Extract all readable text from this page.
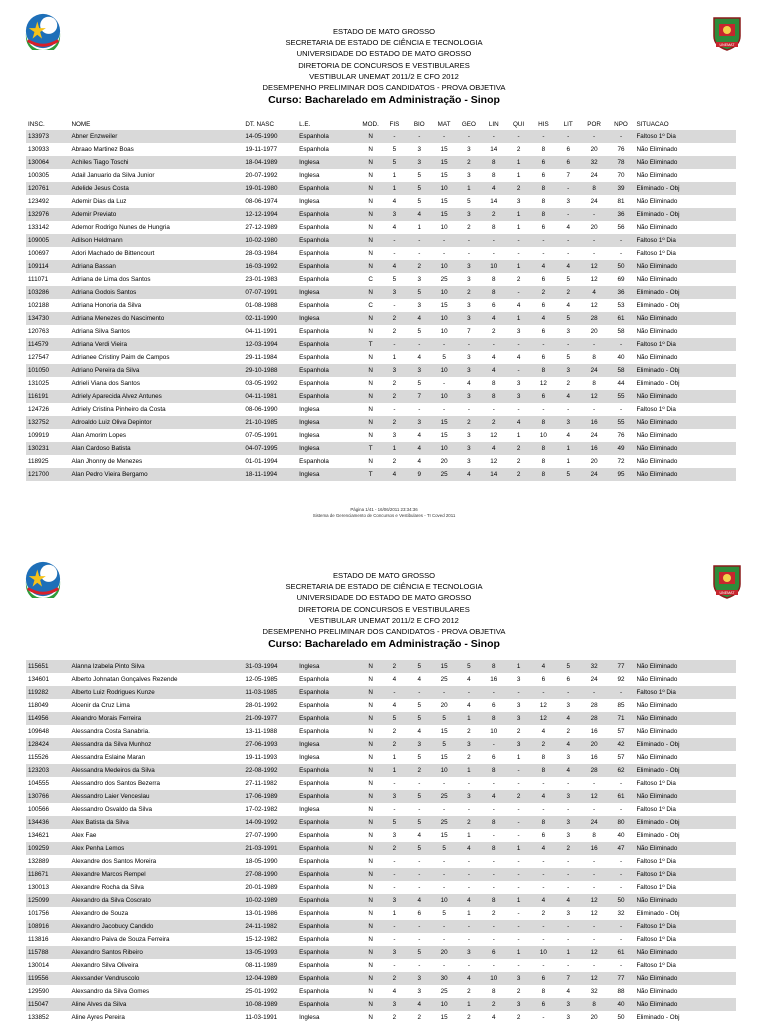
UNEMAT
ESTADO DE MATO GROSSO
SECRETARIA DE ESTADO DE CIÊNCIA E TECNOLOGIA
UNIVERSIDADE DO ESTADO DE MATO GROSSO
DIRETORIA DE CONCURSOS E VESTIBULARES
VESTIBULAR UNEMAT 2011/2 E CFO 2012
DESEMPENHO PRELIMINAR DOS CANDIDATOS - PROVA OBJETIVA
Curso: Bacharelado em Administração - Sinop
INSC.	NOME	DT. NASC	L.E.	MOD.	FIS	BIO	MAT	GEO	LIN	QUI	HIS	LIT	POR	NPO	SITUACAO
133973	Abner Enzweiler	14-05-1990	Espanhola	N	-	-	-	-	-	-	-	-	-	-	Faltoso 1º Dia
130933	Abraao Martinez Boas	19-11-1977	Espanhola	N	5	3	15	3	14	2	8	6	20	76	Não Eliminado
130064	Achiles Tiago Toschi	18-04-1989	Inglesa	N	5	3	15	2	8	1	6	6	32	78	Não Eliminado
100305	Adail Januario da Silva Junior	20-07-1992	Inglesa	N	1	5	15	3	8	1	6	7	24	70	Não Eliminado
120761	Adelide Jesus Costa	19-01-1980	Espanhola	N	1	5	10	1	4	2	8	-	8	39	Eliminado - Obj
123492	Ademir Dias da Luz	08-06-1974	Inglesa	N	4	5	15	5	14	3	8	3	24	81	Não Eliminado
132976	Ademir Previato	12-12-1994	Espanhola	N	3	4	15	3	2	1	8	-	-	36	Eliminado - Obj
133142	Ademor Rodrigo Nunes de Hungria	27-12-1989	Espanhola	N	4	1	10	2	8	1	6	4	20	56	Não Eliminado
109005	Adilson Heldmann	10-02-1980	Espanhola	N	-	-	-	-	-	-	-	-	-	-	Faltoso 1º Dia
100697	Adori Machado de Bittencourt	28-03-1984	Espanhola	N	-	-	-	-	-	-	-	-	-	-	Faltoso 1º Dia
109114	Adriana Bassan	16-03-1992	Espanhola	N	4	2	10	3	10	1	4	4	12	50	Não Eliminado
111071	Adriana de Lima dos Santos	23-01-1983	Espanhola	C	5	3	25	3	8	2	6	5	12	69	Não Eliminado
103286	Adriana Godois Santos	07-07-1991	Inglesa	N	3	5	10	2	8	-	2	2	4	36	Eliminado - Obj
102188	Adriana Honoria da Silva	01-08-1988	Espanhola	C	-	3	15	3	6	4	6	4	12	53	Eliminado - Obj
134730	Adriana Menezes do Nascimento	02-11-1990	Inglesa	N	2	4	10	3	4	1	4	5	28	61	Não Eliminado
120763	Adriana Silva Santos	04-11-1991	Espanhola	N	2	5	10	7	2	3	6	3	20	58	Não Eliminado
114579	Adriana Verdi Vieira	12-03-1994	Espanhola	T	-	-	-	-	-	-	-	-	-	-	Faltoso 1º Dia
127547	Adrianee Cristiny Paim de Campos	29-11-1984	Espanhola	N	1	4	5	3	4	4	6	5	8	40	Não Eliminado
101050	Adriano Pereira da Silva	29-10-1988	Espanhola	N	3	3	10	3	4	-	8	3	24	58	Eliminado - Obj
131025	Adrieli Viana dos Santos	03-05-1992	Espanhola	N	2	5	-	4	8	3	12	2	8	44	Eliminado - Obj
116191	Adriely Aparecida Alvez Antunes	04-11-1981	Espanhola	N	2	7	10	3	8	3	6	4	12	55	Não Eliminado
124726	Adriely Cristina Pinheiro da Costa	08-06-1990	Inglesa	N	-	-	-	-	-	-	-	-	-	-	Faltoso 1º Dia
132752	Adroaldo Luiz Oliva Depintor	21-10-1985	Inglesa	N	2	3	15	2	2	4	8	3	16	55	Não Eliminado
109919	Alan Amorim Lopes	07-05-1991	Inglesa	N	3	4	15	3	12	1	10	4	24	76	Não Eliminado
130231	Alan Cardoso Batista	04-07-1995	Inglesa	T	1	4	10	3	4	2	8	1	16	49	Não Eliminado
118925	Alan Jhonny de Menezes	01-01-1994	Espanhola	N	2	4	20	3	12	2	8	1	20	72	Não Eliminado
121700	Alan Pedro Vieira Bergamo	18-11-1994	Inglesa	T	4	9	25	4	14	2	8	5	24	95	Não Eliminado
Página 1/41 - 16/06/2011 23:34:36
Sistema de Gerenciamento de Concursos e Vestibulares - TI Coved 2011
UNEMAT
ESTADO DE MATO GROSSO
SECRETARIA DE ESTADO DE CIÊNCIA E TECNOLOGIA
UNIVERSIDADE DO ESTADO DE MATO GROSSO
DIRETORIA DE CONCURSOS E VESTIBULARES
VESTIBULAR UNEMAT 2011/2 E CFO 2012
DESEMPENHO PRELIMINAR DOS CANDIDATOS - PROVA OBJETIVA
Curso: Bacharelado em Administração - Sinop
115651	Alanna Izabela Pinto Silva	31-03-1994	Inglesa	N	2	5	15	5	8	1	4	5	32	77	Não Eliminado
134601	Alberto Johnatan Gonçalves Rezende	12-05-1985	Espanhola	N	4	4	25	4	16	3	6	6	24	92	Não Eliminado
119282	Alberto Luiz Rodrigues Kunze	11-03-1985	Espanhola	N	-	-	-	-	-	-	-	-	-	-	Faltoso 1º Dia
118049	Alcenir da Cruz Lima	28-01-1992	Espanhola	N	4	5	20	4	6	3	12	3	28	85	Não Eliminado
114956	Aleandro Morais Ferreira	21-09-1977	Espanhola	N	5	5	5	1	8	3	12	4	28	71	Não Eliminado
109648	Alessandra Costa Sanabria.	13-11-1988	Espanhola	N	2	4	15	2	10	2	4	2	16	57	Não Eliminado
128424	Alessandra da Silva Munhoz	27-06-1993	Inglesa	N	2	3	5	3	-	3	2	4	20	42	Eliminado - Obj
115526	Alessandra Eslaine Maran	19-11-1993	Inglesa	N	1	5	15	2	6	1	8	3	16	57	Não Eliminado
123203	Alessandra Medeiros da Silva	22-08-1992	Espanhola	N	1	2	10	1	8	-	8	4	28	62	Eliminado - Obj
104555	Alessandro dos Santos Bezerra	27-11-1982	Espanhola	N	-	-	-	-	-	-	-	-	-	-	Faltoso 1º Dia
130766	Alessandro Laier Venceslau	17-06-1989	Espanhola	N	3	5	25	3	4	2	4	3	12	61	Não Eliminado
100566	Alessandro Osvaldo da Silva	17-02-1982	Inglesa	N	-	-	-	-	-	-	-	-	-	-	Faltoso 1º Dia
134436	Alex Batista da Silva	14-09-1992	Espanhola	N	5	5	25	2	8	-	8	3	24	80	Eliminado - Obj
134621	Alex Fae	27-07-1990	Espanhola	N	3	4	15	1	-	-	6	3	8	40	Eliminado - Obj
109259	Alex Penha Lemos	21-03-1991	Espanhola	N	2	5	5	4	8	1	4	2	16	47	Não Eliminado
132889	Alexandre dos Santos Moreira	18-05-1990	Espanhola	N	-	-	-	-	-	-	-	-	-	-	Faltoso 1º Dia
118671	Alexandre Marcos Rempel	27-08-1990	Espanhola	N	-	-	-	-	-	-	-	-	-	-	Faltoso 1º Dia
130013	Alexandre Rocha da Silva	20-01-1989	Espanhola	N	-	-	-	-	-	-	-	-	-	-	Faltoso 1º Dia
125099	Alexandro da Silva Coscrato	10-02-1989	Espanhola	N	3	4	10	4	8	1	4	4	12	50	Não Eliminado
101756	Alexandro de Souza	13-01-1986	Espanhola	N	1	6	5	1	2	-	2	3	12	32	Eliminado - Obj
108916	Alexandro Jacobucy Candido	24-11-1982	Espanhola	N	-	-	-	-	-	-	-	-	-	-	Faltoso 1º Dia
113816	Alexandro Paiva de Souza Ferreira	15-12-1982	Espanhola	N	-	-	-	-	-	-	-	-	-	-	Faltoso 1º Dia
115788	Alexandro Santos Ribeiro	13-05-1993	Espanhola	N	3	5	20	3	6	1	10	1	12	61	Não Eliminado
130014	Alexandro Silva Oliveira	08-11-1989	Espanhola	N	-	-	-	-	-	-	-	-	-	-	Faltoso 1º Dia
119556	Alexsander Vendruscolo	12-04-1989	Espanhola	N	2	3	30	4	10	3	6	7	12	77	Não Eliminado
129590	Alexsandro da Silva Gomes	25-01-1992	Espanhola	N	4	3	25	2	8	2	8	4	32	88	Não Eliminado
115047	Aline Alves da Silva	10-08-1989	Espanhola	N	3	4	10	1	2	3	6	3	8	40	Não Eliminado
133852	Aline Ayres Pereira	11-03-1991	Inglesa	N	2	2	15	2	4	2	-	3	20	50	Eliminado - Obj
